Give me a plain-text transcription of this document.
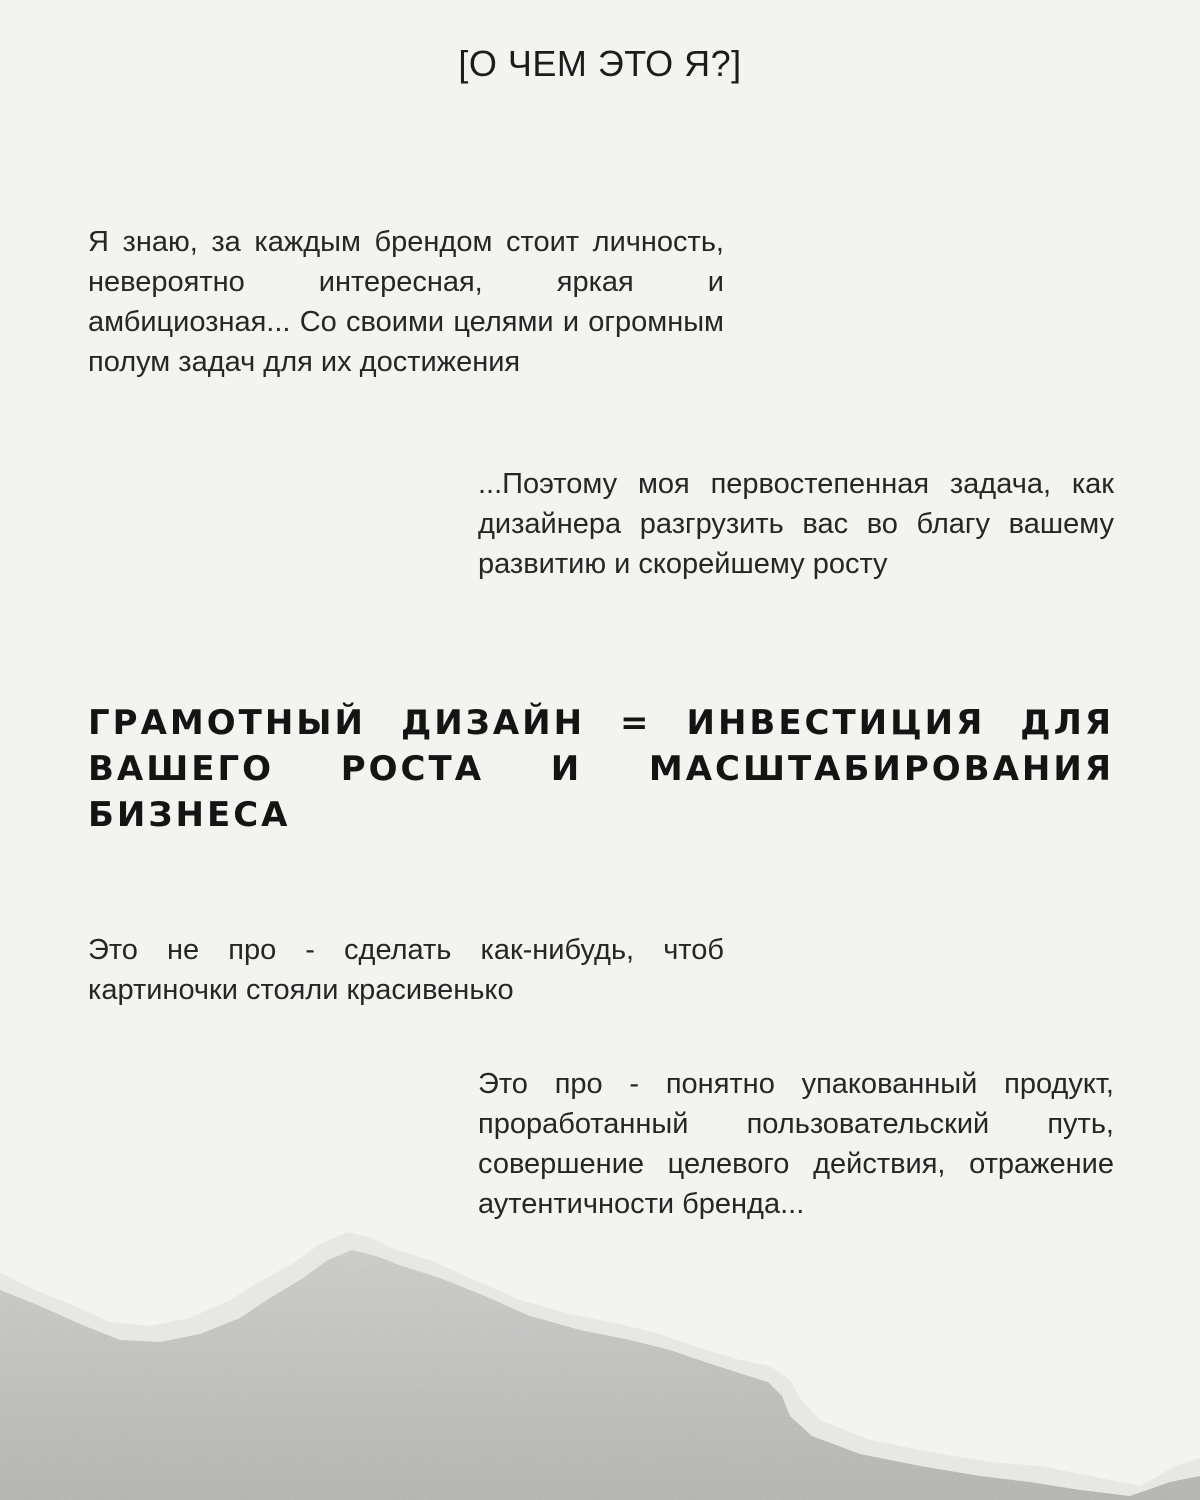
[О ЧЕМ ЭТО Я?]
Я знаю, за каждым брендом стоит личность, невероятно интересная, яркая и амбициозная... Со своими целями и огромным полум задач для их достижения
...Поэтому моя первостепенная задача, как дизайнера разгрузить вас во благу вашему развитию и скорейшему росту
ГРАМОТНЫЙ ДИЗАЙН = ИНВЕСТИЦИЯ ДЛЯ ВАШЕГО РОСТА И МАСШТАБИРОВАНИЯ БИЗНЕСА
Это не про - сделать как-нибудь, чтоб картиночки стояли красивенько
Это про - понятно упакованный продукт, проработанный пользовательский путь, совершение целевого действия, отражение аутентичности бренда...
